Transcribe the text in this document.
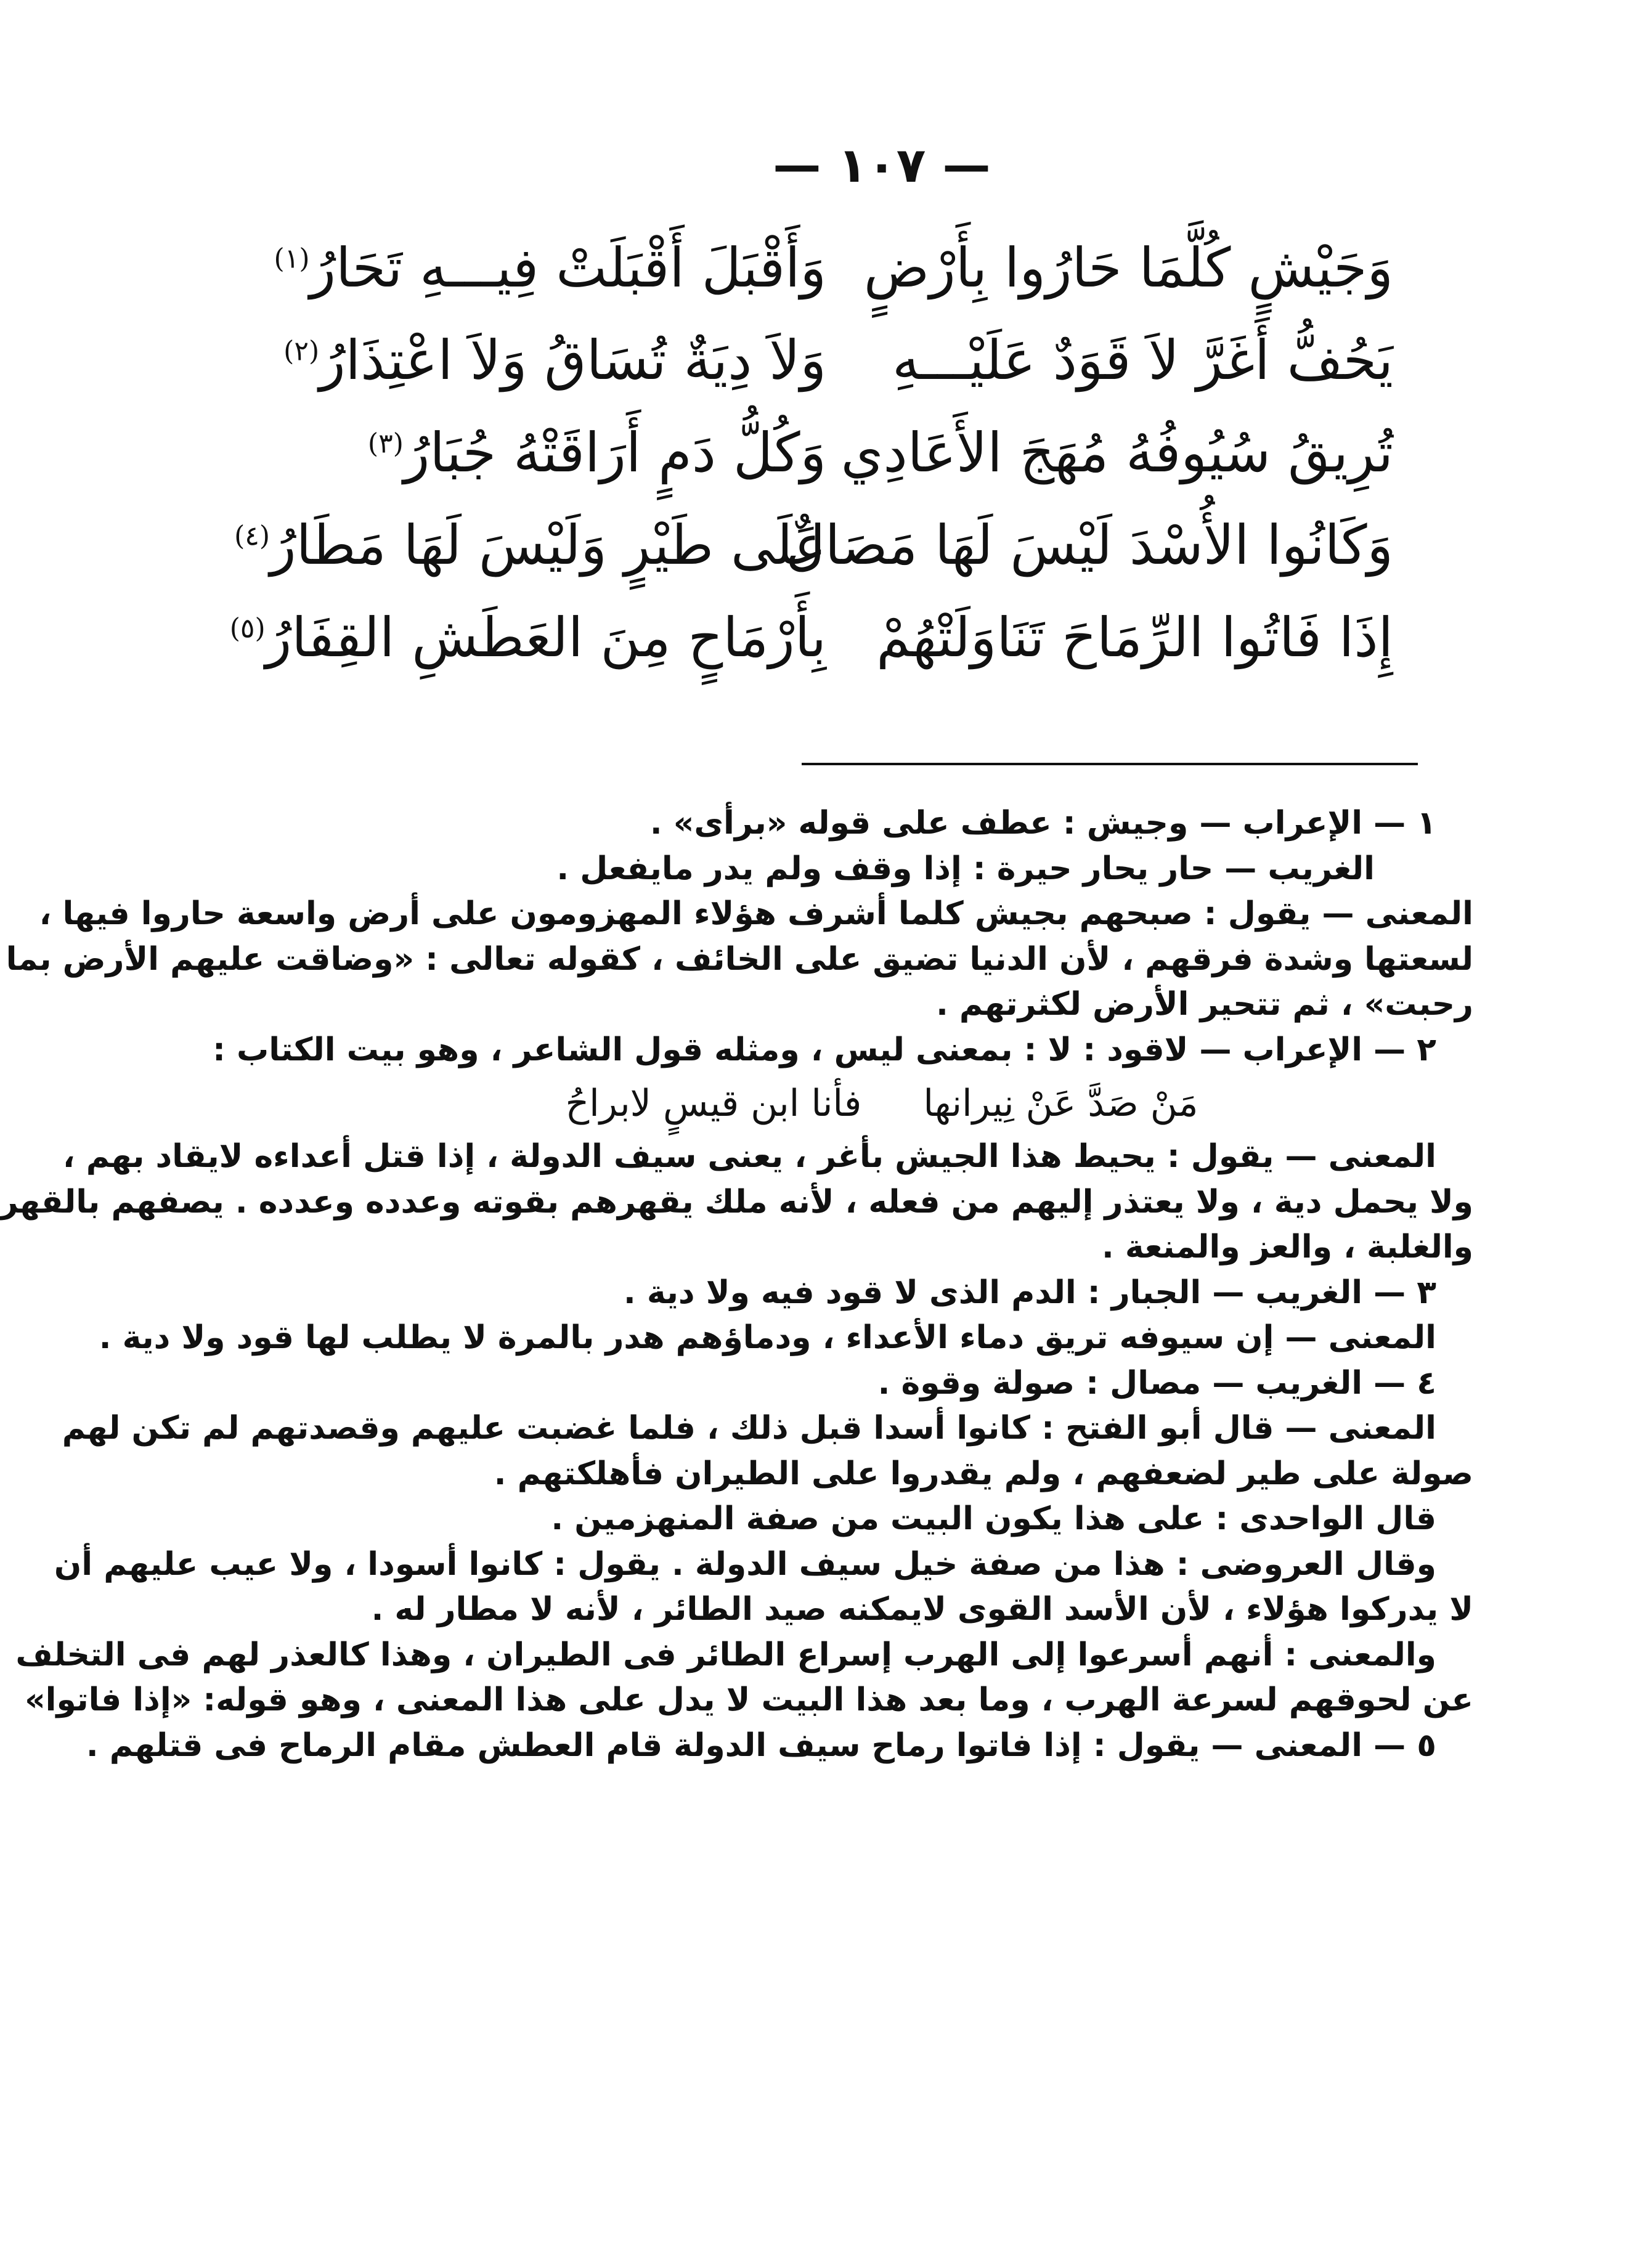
— ١٠٧ —
وَجَيْشٍ كُلَّمَا حَارُوا بِأَرْضٍ
وَأَقْبَلَ أَقْبَلَتْ فِيـــهِ تَحَارُ$^{(١)}$
يَحُفُّ أَغَرَّ لاَ قَوَدٌ عَلَيْـــهِ
وَلاَ دِيَةٌ تُسَاقُ وَلاَ اعْتِذَارُ$^{(٢)}$
تُرِيقُ سُيُوفُهُ مُهَجَ الأَعَادِي
وَكُلُّ دَمٍ أَرَاقَتْهُ جُبَارُ$^{(٣)}$
وَكَانُوا الأُسْدَ لَيْسَ لَهَا مَصَالٌ
عَلَى طَيْرٍ وَلَيْسَ لَهَا مَطَارُ$^{(٤)}$
إِذَا فَاتُوا الرِّمَاحَ تَنَاوَلَتْهُمْ
بِأَرْمَاحٍ مِنَ العَطَشِ القِفَارُ$^{(٥)}$
١ — الإعراب — وجيش : عطف على قوله «برأى» .
الغريب — حار يحار حيرة : إذا وقف ولم يدر مايفعل .
المعنى — يقول : صبحهم بجيش كلما أشرف هؤلاء المهزومون على أرض واسعة حاروا فيها ،
لسعتها وشدة فرقهم ، لأن الدنيا تضيق على الخائف ، كقوله تعالى : «وضاقت عليهم الأرض بما
رحبت» ، ثم تتحير الأرض لكثرتهم .
٢ — الإعراب — لاقود : لا : بمعنى ليس ، ومثله قول الشاعر ، وهو بيت الكتاب :
مَنْ صَدَّ عَنْ نِيرانها
فأنا ابن قيسٍ لابراحُ
المعنى — يقول : يحيط هذا الجيش بأغر ، يعنى سيف الدولة ، إذا قتل أعداءه لايقاد بهم ،
ولا يحمل دية ، ولا يعتذر إليهم من فعله ، لأنه ملك يقهرهم بقوته وعدده وعدده . يصفهم بالقهر
والغلبة ، والعز والمنعة .
٣ — الغريب — الجبار : الدم الذى لا قود فيه ولا دية .
المعنى — إن سيوفه تريق دماء الأعداء ، ودماؤهم هدر بالمرة لا يطلب لها قود ولا دية .
٤ — الغريب — مصال : صولة وقوة .
المعنى — قال أبو الفتح : كانوا أسدا قبل ذلك ، فلما غضبت عليهم وقصدتهم لم تكن لهم
صولة على طير لضعفهم ، ولم يقدروا على الطيران فأهلكتهم .
قال الواحدى : على هذا يكون البيت من صفة المنهزمين .
وقال العروضى : هذا من صفة خيل سيف الدولة . يقول : كانوا أسودا ، ولا عيب عليهم أن
لا يدركوا هؤلاء ، لأن الأسد القوى لايمكنه صيد الطائر ، لأنه لا مطار له .
والمعنى : أنهم أسرعوا إلى الهرب إسراع الطائر فى الطيران ، وهذا كالعذر لهم فى التخلف
عن لحوقهم لسرعة الهرب ، وما بعد هذا البيت لا يدل على هذا المعنى ، وهو قوله: «إذا فاتوا»
٥ — المعنى — يقول : إذا فاتوا رماح سيف الدولة قام العطش مقام الرماح فى قتلهم .
